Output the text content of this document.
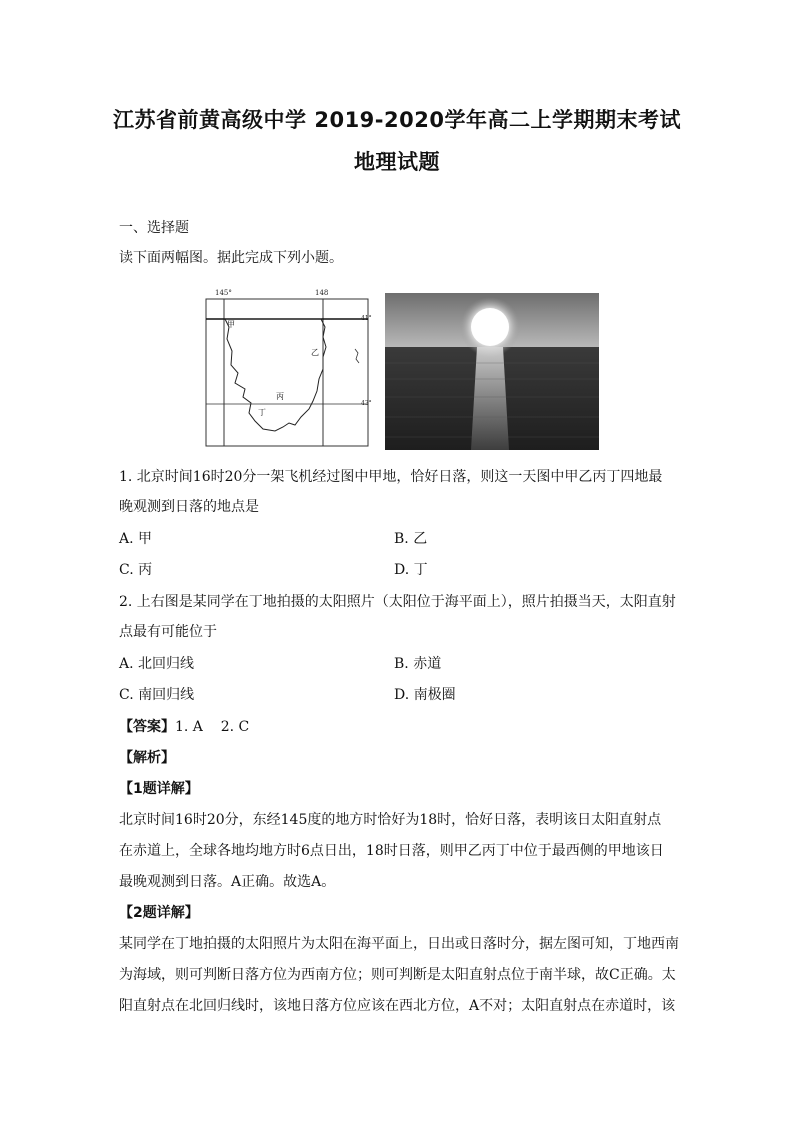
江苏省前黄高级中学 2019-2020学年高二上学期期末考试
地理试题
一、选择题
读下面两幅图。据此完成下列小题。
145°	148
41°
43°
甲
乙
丙
丁
1. 北京时间16时20分一架飞机经过图中甲地，恰好日落，则这一天图中甲乙丙丁四地最
晚观测到日落的地点是
A. 甲	B. 乙
C. 丙	D. 丁
2. 上右图是某同学在丁地拍摄的太阳照片（太阳位于海平面上），照片拍摄当天，太阳直射
点最有可能位于
A. 北回归线	B. 赤道
C. 南回归线	D. 南极圈
【答案】1. A    2. C
【解析】
【1题详解】
北京时间16时20分，东经145度的地方时恰好为18时，恰好日落，表明该日太阳直射点
在赤道上，全球各地均地方时6点日出，18时日落，则甲乙丙丁中位于最西侧的甲地该日
最晚观测到日落。A正确。故选A。
【2题详解】
某同学在丁地拍摄的太阳照片为太阳在海平面上，日出或日落时分，据左图可知，丁地西南
为海域，则可判断日落方位为西南方位；则可判断是太阳直射点位于南半球，故C正确。太
阳直射点在北回归线时，该地日落方位应该在西北方位，A不对；太阳直射点在赤道时，该
